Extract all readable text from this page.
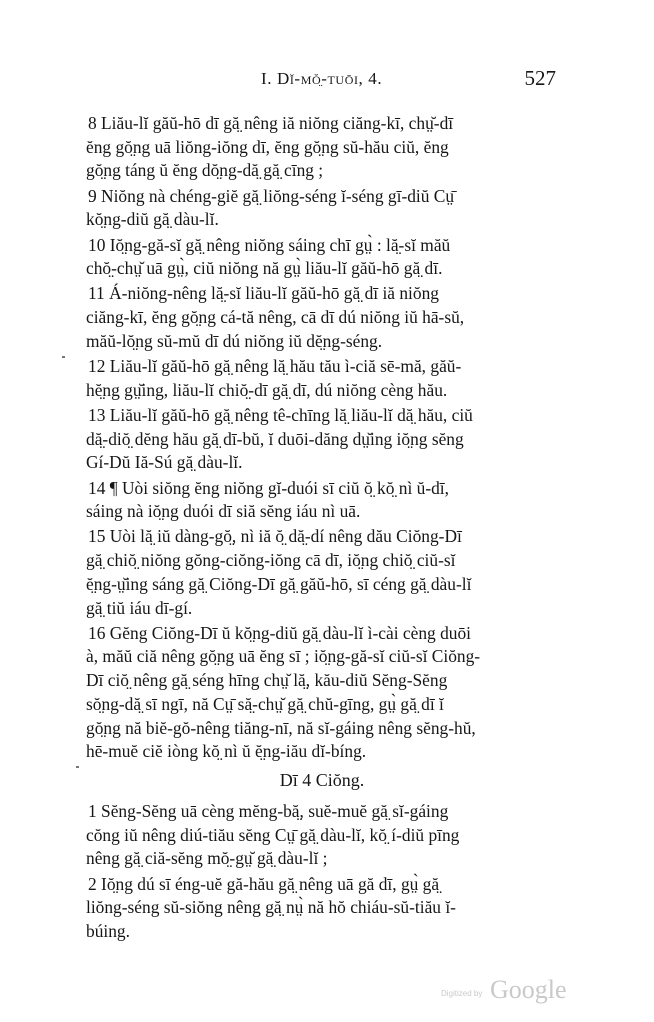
I. Dĭ-mŏ̤-tuōi, 4.	527
8 Liău-lĭ găŭ-hō dī gă̤ nêng iă niŏng ciăng-kī, chṳ̆-dī
ĕng gŏ̤ng uā liŏng-iŏng dī, ĕng gŏ̤ng sŭ-hău ciŭ, ĕng
gŏ̤ng táng ŭ ĕng dŏ̤ng-dă̤ gă̤ cīng ;
9 Niŏng nà chéng-giĕ gă̤ liŏng-séng ĭ-séng gī-diŭ Cṳ̄
kŏ̤ng-diŭ gă̤ dàu-lĭ.
10 Iŏ̤ng-gă-sĭ gă̤ nêng niŏng sáing chī gṳ̀ : lă̤-sĭ măŭ
chŏ̤-chṳ̆ uā gṳ̀, ciŭ niŏng nă gṳ̀ liău-lĭ găŭ-hō gă̤ dī.
11 Á-niŏng-nêng lă̤-sĭ liău-lĭ găŭ-hō gă̤ dī iă niŏng
ciăng-kī, ĕng gŏ̤ng cá-tă nêng, cā dī dú niŏng iŭ hā-sŭ,
măŭ-lŏ̤ng sŭ-mŭ dī dú niŏng iŭ dĕ̤ng-séng.
12 Liău-lĭ găŭ-hō gă̤ nêng lă̤ hău tău ì-ciă sē-mă, găŭ-
hĕ̤ng gṳ̆ing, liău-lĭ chiŏ̤-dī gă̤ dī, dú niŏng cèng hău.
13 Liău-lĭ găŭ-hō gă̤ nêng tê-chīng lă̤ liău-lĭ dă̤ hău, ciŭ
dă̤-diŏ̤ dĕng hău gă̤ dī-bŭ, ĭ duōi-dăng dṳ̆ing iŏ̤ng sĕng
Gí-Dŭ Iă-Sú gă̤ dàu-lĭ.
14 ¶ Uòi siŏng ĕng niŏng gĭ-duói sī ciŭ ŏ̤ kŏ̤ nì ŭ-dī,
sáing nà iŏ̤ng duói dī siă sĕng iáu nì uā.
15 Uòi lă̤ iŭ dàng-gŏ̤, nì iă ŏ̤ dă̤-dí nêng dău Ciŏng-Dī
gă̤ chiŏ̤ niŏng gŏng-ciŏng-iŏng cā dī, iŏ̤ng chiŏ̤ ciŭ-sĭ
ĕ̤ng-ṳ̆ing sáng gă̤ Ciŏng-Dī gă̤ găŭ-hō, sī céng gă̤ dàu-lĭ
gă̤ tiŭ iáu dī-gí.
16 Gĕng Ciŏng-Dī ŭ kŏ̤ng-diŭ gă̤ dàu-lĭ ì-cài cèng duōi
à, măŭ ciă nêng gŏ̤ng uā ĕng sī ; iŏ̤ng-gă-sĭ ciŭ-sĭ Ciŏng-
Dī ciŏ̤ nêng gă̤ séng hīng chṳ̆ lă̤, kău-diŭ Sĕng-Sĕng
sŏ̤ng-dă̤ sī ngī, nă Cṳ̄ să̤-chṳ̆ gă̤ chŭ-gīng, gṳ̀ gă̤ dī ĭ
gŏ̤ng nă biĕ-gŏ-nêng tiăng-nī, nă sĭ-gáing nêng sĕng-hŭ,
hē-muĕ ciĕ iòng kŏ̤ nì ŭ ĕ̤ng-iău dĭ-bíng.
Dī 4 Ciŏng.
1 Sĕng-Sĕng uā cèng mĕng-bă̤, suĕ-muĕ gă̤ sĭ-gáing
cŏng iŭ nêng diú-tiău sĕng Cṳ̄ gă̤ dàu-lĭ, kŏ̤ í-diŭ pīng
nêng gă̤ ciă-sĕng mŏ̤-gṳ̆ gă̤ dàu-lĭ ;
2 Iŏ̤ng dú sī éng-uĕ gă-hău gă̤ nêng uā gă dī, gṳ̀ gă̤
liŏng-séng sŭ-siŏng nêng gă̤ nṳ̀ nă hŏ chiáu-sŭ-tiău ĭ-
búing.
Digitized by Google
